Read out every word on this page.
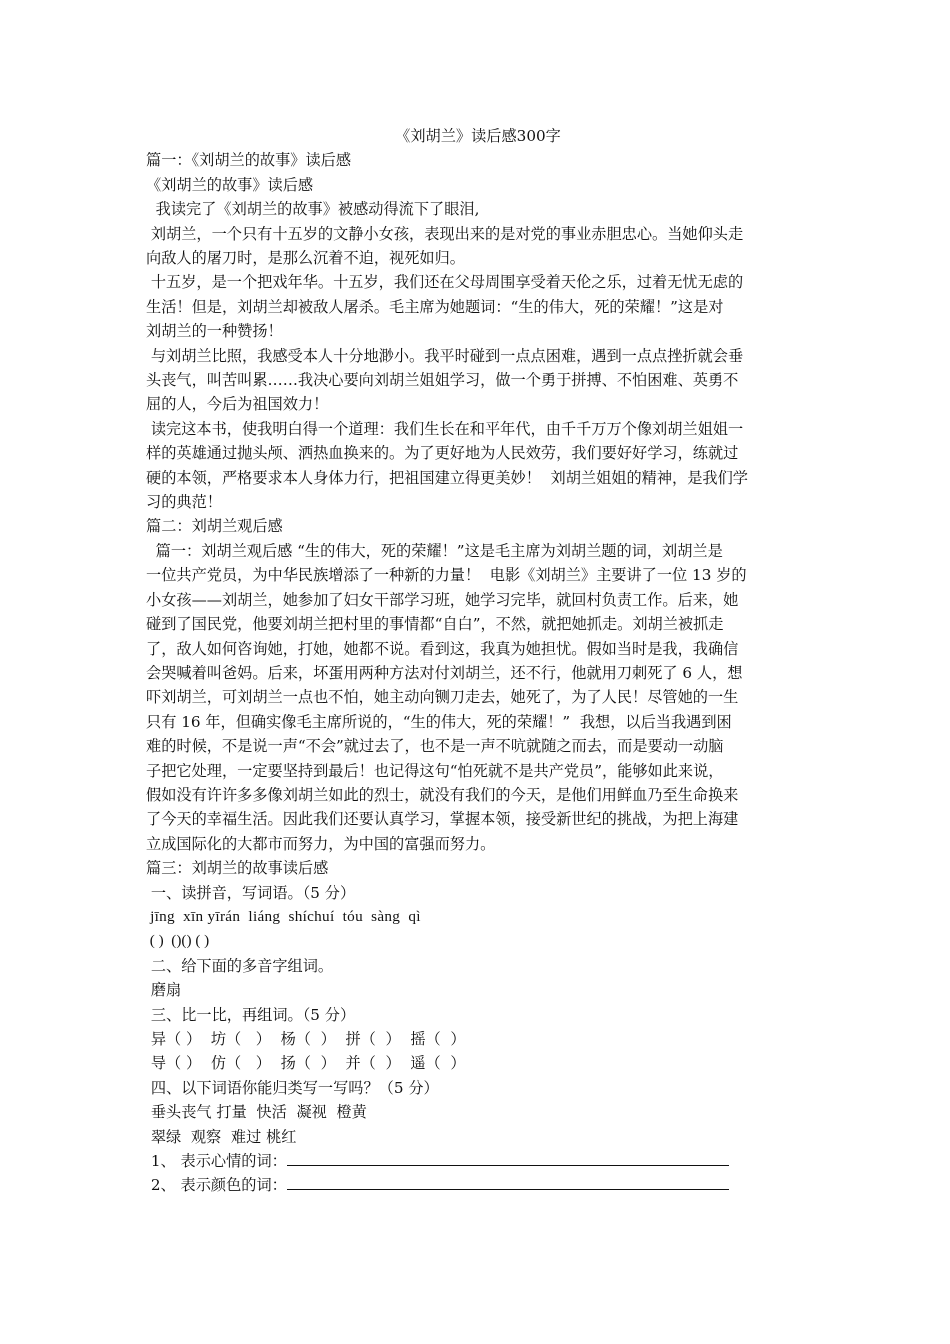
《刘胡兰》读后感300字

篇一：《刘胡兰的故事》读后感

《刘胡兰的故事》读后感

我读完了《刘胡兰的故事》被感动得流下了眼泪,

刘胡兰，一个只有十五岁的文静小女孩，表现出来的是对党的事业赤胆忠心。当她仰头走

向敌人的屠刀时，是那么沉着不迫，视死如归。

十五岁，是一个把戏年华。十五岁，我们还在父母周围享受着天伦之乐，过着无忧无虑的

生活！但是，刘胡兰却被敌人屠杀。毛主席为她题词：“生的伟大，死的荣耀！”这是对

刘胡兰的一种赞扬！

与刘胡兰比照，我感受本人十分地渺小。我平时碰到一点点困难，遇到一点点挫折就会垂

头丧气，叫苦叫累……我决心要向刘胡兰姐姐学习，做一个勇于拼搏、不怕困难、英勇不

屈的人，今后为祖国效力！

读完这本书，使我明白得一个道理：我们生长在和平年代，由千千万万个像刘胡兰姐姐一

样的英雄通过抛头颅、洒热血换来的。为了更好地为人民效劳，我们要好好学习，练就过

硬的本领，严格要求本人身体力行，把祖国建立得更美妙！  刘胡兰姐姐的精神，是我们学

习的典范！

篇二：刘胡兰观后感

篇一：刘胡兰观后感 “生的伟大，死的荣耀！”这是毛主席为刘胡兰题的词，刘胡兰是

一位共产党员，为中华民族增添了一种新的力量！  电影《刘胡兰》主要讲了一位 13 岁的

小女孩——刘胡兰，她参加了妇女干部学习班，她学习完毕，就回村负责工作。后来，她

碰到了国民党，他要刘胡兰把村里的事情都“自白”，不然，就把她抓走。刘胡兰被抓走

了，敌人如何咨询她，打她，她都不说。看到这，我真为她担忧。假如当时是我，我确信

会哭喊着叫爸妈。后来，坏蛋用两种方法对付刘胡兰，还不行，他就用刀刺死了 6 人，想

吓刘胡兰，可刘胡兰一点也不怕，她主动向铡刀走去，她死了，为了人民！尽管她的一生

只有 16 年，但确实像毛主席所说的，“生的伟大，死的荣耀！”  我想，以后当我遇到困

难的时候，不是说一声“不会”就过去了，也不是一声不吭就随之而去，而是要动一动脑

子把它处理，一定要坚持到最后！也记得这句“怕死就不是共产党员”，能够如此来说，

假如没有许许多多像刘胡兰如此的烈士，就没有我们的今天，是他们用鲜血乃至生命换来

了今天的幸福生活。因此我们还要认真学习，掌握本领，接受新世纪的挑战，为把上海建

立成国际化的大都市而努力，为中国的富强而努力。

篇三：刘胡兰的故事读后感

一、读拼音，写词语。（5 分）

jīng  xīn yīrán  liáng  shíchuí  tóu  sàng  qì

( )  ()() ( )

二、给下面的多音字组词。

磨扇

三、比一比，再组词。（5 分）

异（ ）  坊（   ）  杨（  ）  拼（  ）  摇（  ）

导（ ）  仿（   ）  扬（  ）  并（  ）  遥（  ）

四、以下词语你能归类写一写吗？（5 分）

垂头丧气 打量  快活  凝视  橙黄

翠绿  观察  难过 桃红

1、 表示心情的词：

2、 表示颜色的词：
